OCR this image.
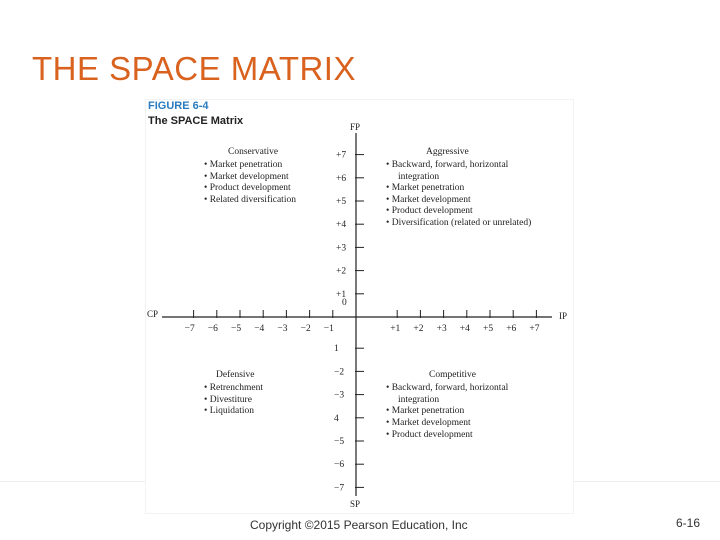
THE SPACE MATRIX
FIGURE 6-4
The SPACE Matrix
+7
+6
+5
+4
+3
+2
+1
1
−2
−3
4
−5
−6
−7
−7 −6 −5 −4 −3 −2 −1	+1 +2 +3 +4 +5 +6 +7
FP
SP
CP	IP
0
Conservative
• Market penetration
• Market development
• Product development
• Related diversification
Aggressive
• Backward, forward, horizontal
integration
• Market penetration
• Market development
• Product development
• Diversification (related or unrelated)
Defensive
• Retrenchment
• Divestiture
• Liquidation
Competitive
• Backward, forward, horizontal
integration
• Market penetration
• Market development
• Product development
Copyright ©2015 Pearson Education, Inc	6-16
